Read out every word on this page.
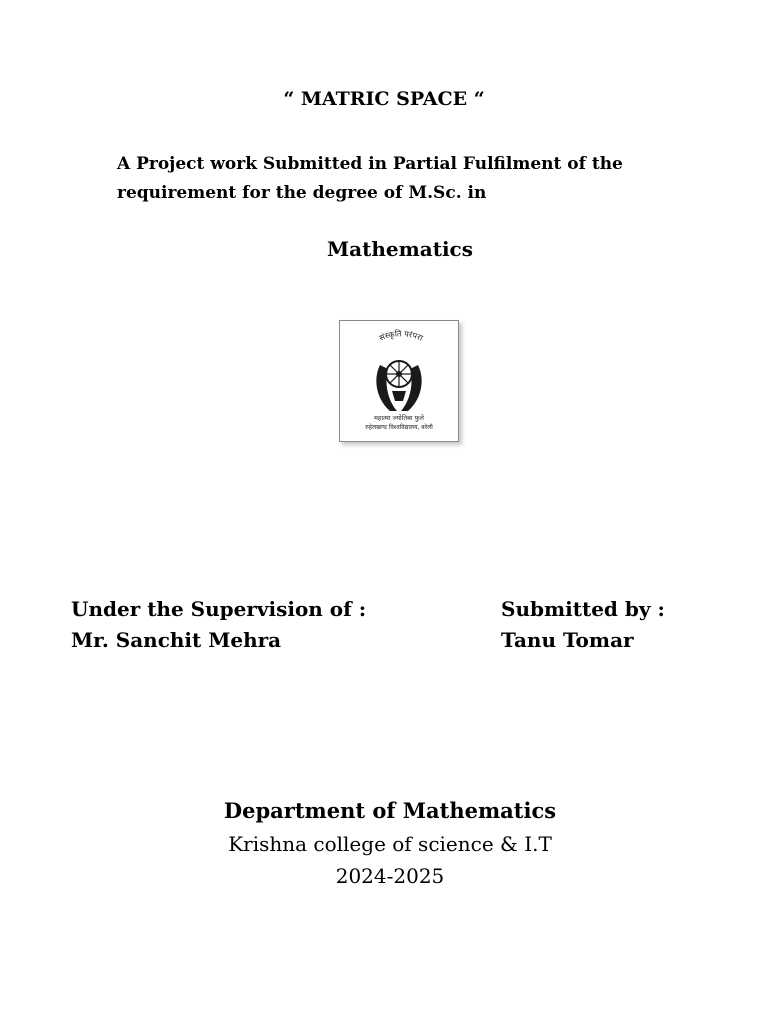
“ MATRIC SPACE “
A Project work Submitted in Partial Fulfilment of the
requirement for the degree of M.Sc. in
Mathematics
संस्कृति परंपरा
महात्मा ज्योतिबा फुले
रुहेलखण्ड विश्वविद्यालय, बरेली
Under the Supervision of :
Mr. Sanchit Mehra
Submitted by :
Tanu Tomar
Department of Mathematics
Krishna college of science & I.T
2024-2025
